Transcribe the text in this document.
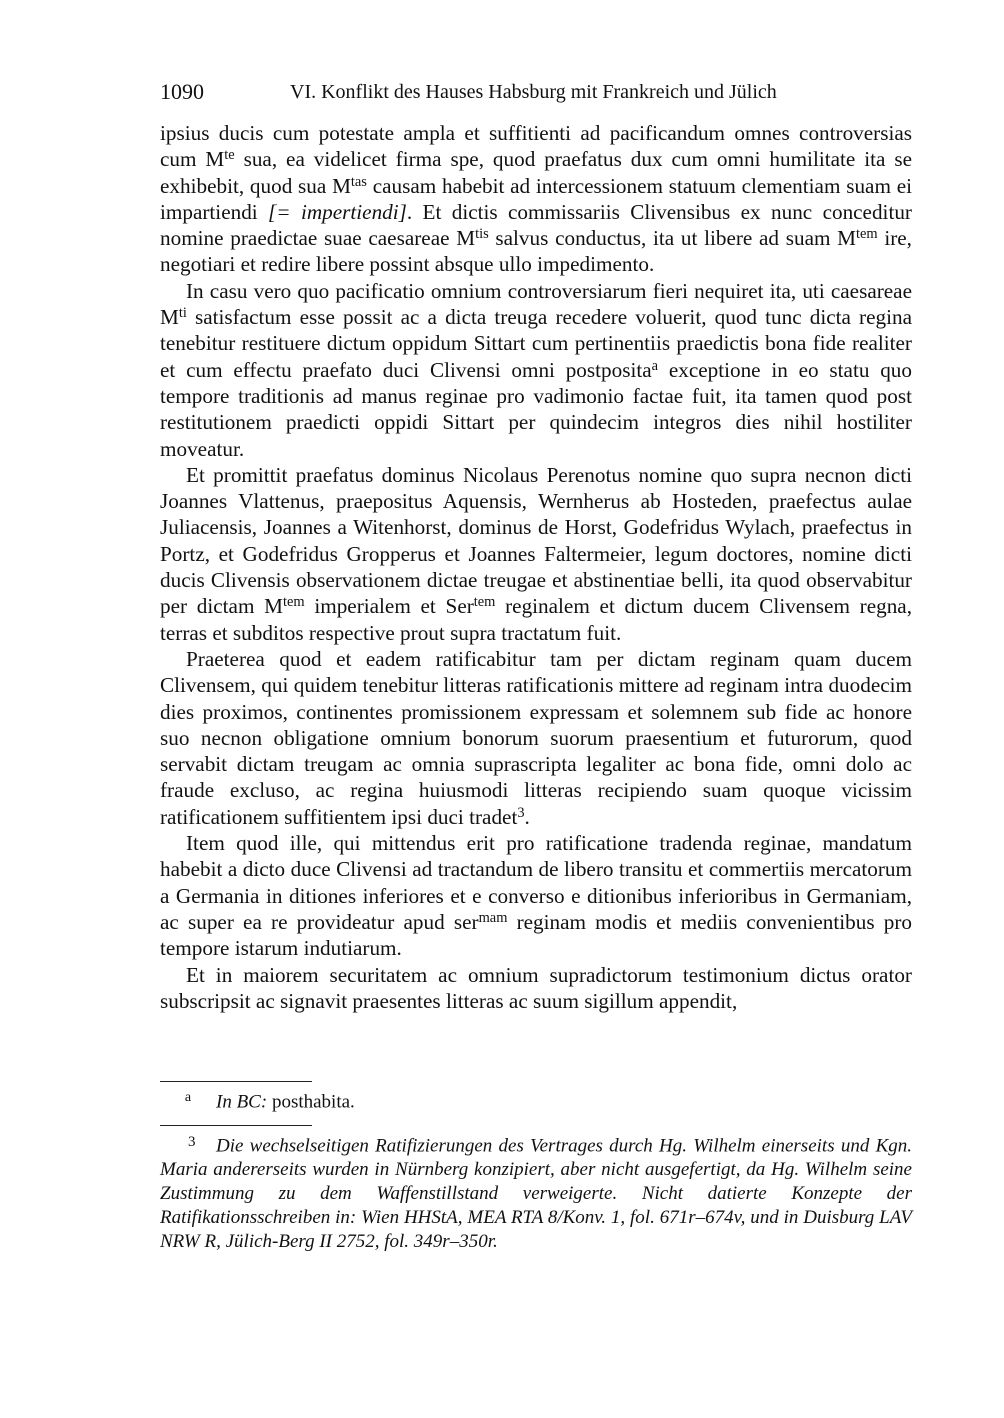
1090	VI. Konflikt des Hauses Habsburg mit Frankreich und Jülich

ipsius ducis cum potestate ampla et suffitienti ad pacificandum omnes controversias cum $M^{te}$ sua, ea videlicet firma spe, quod praefatus dux cum omni humilitate ita se exhibebit, quod sua $M^{tas}$ causam habebit ad intercessionem statuum clementiam suam ei impartiendi [= impertiendi]. Et dictis commissariis Clivensibus ex nunc conceditur nomine praedictae suae caesareae $M^{tis}$ salvus conductus, ita ut libere ad suam $M^{tem}$ ire, negotiari et redire libere possint absque ullo impedimento.

In casu vero quo pacificatio omnium controversiarum fieri nequiret ita, uti caesareae $M^{ti}$ satisfactum esse possit ac a dicta treuga recedere voluerit, quod tunc dicta regina tenebitur restituere dictum oppidum Sittart cum pertinentiis praedictis bona fide realiter et cum effectu praefato duci Clivensi omni postposita$^a$ exceptione in eo statu quo tempore traditionis ad manus reginae pro vadimonio factae fuit, ita tamen quod post restitutionem praedicti oppidi Sittart per quindecim integros dies nihil hostiliter moveatur.

Et promittit praefatus dominus Nicolaus Perenotus nomine quo supra necnon dicti Joannes Vlattenus, praepositus Aquensis, Wernherus ab Hosteden, praefectus aulae Juliacensis, Joannes a Witenhorst, dominus de Horst, Godefridus Wylach, praefectus in Portz, et Godefridus Gropperus et Joannes Faltermeier, legum doctores, nomine dicti ducis Clivensis observationem dictae treugae et abstinentiae belli, ita quod observabitur per dictam $M^{tem}$ imperialem et Ser$^{tem}$ reginalem et dictum ducem Clivensem regna, terras et subditos respective prout supra tractatum fuit.

Praeterea quod et eadem ratificabitur tam per dictam reginam quam ducem Clivensem, qui quidem tenebitur litteras ratificationis mittere ad reginam intra duodecim dies proximos, continentes promissionem expressam et solemnem sub fide ac honore suo necnon obligatione omnium bonorum suorum praesentium et futurorum, quod servabit dictam treugam ac omnia suprascripta legaliter ac bona fide, omni dolo ac fraude excluso, ac regina huiusmodi litteras recipiendo suam quoque vicissim ratificationem suffitientem ipsi duci tradet$^3$.

Item quod ille, qui mittendus erit pro ratificatione tradenda reginae, mandatum habebit a dicto duce Clivensi ad tractandum de libero transitu et commertiis mercatorum a Germania in ditiones inferiores et e converso e ditionibus inferioribus in Germaniam, ac super ea re provideatur apud ser$^{mam}$ reginam modis et mediis convenientibus pro tempore istarum indutiarum.

Et in maiorem securitatem ac omnium supradictorum testimonium dictus orator subscripsit ac signavit praesentes litteras ac suum sigillum appendit,

a In BC: posthabita.
3 Die wechselseitigen Ratifizierungen des Vertrages durch Hg. Wilhelm einerseits und Kgn. Maria andererseits wurden in Nürnberg konzipiert, aber nicht ausgefertigt, da Hg. Wilhelm seine Zustimmung zu dem Waffenstillstand verweigerte. Nicht datierte Konzepte der Ratifikationsschreiben in: Wien HHStA, MEA RTA 8/Konv. 1, fol. 671r–674v, und in Duisburg LAV NRW R, Jülich-Berg II 2752, fol. 349r–350r.
